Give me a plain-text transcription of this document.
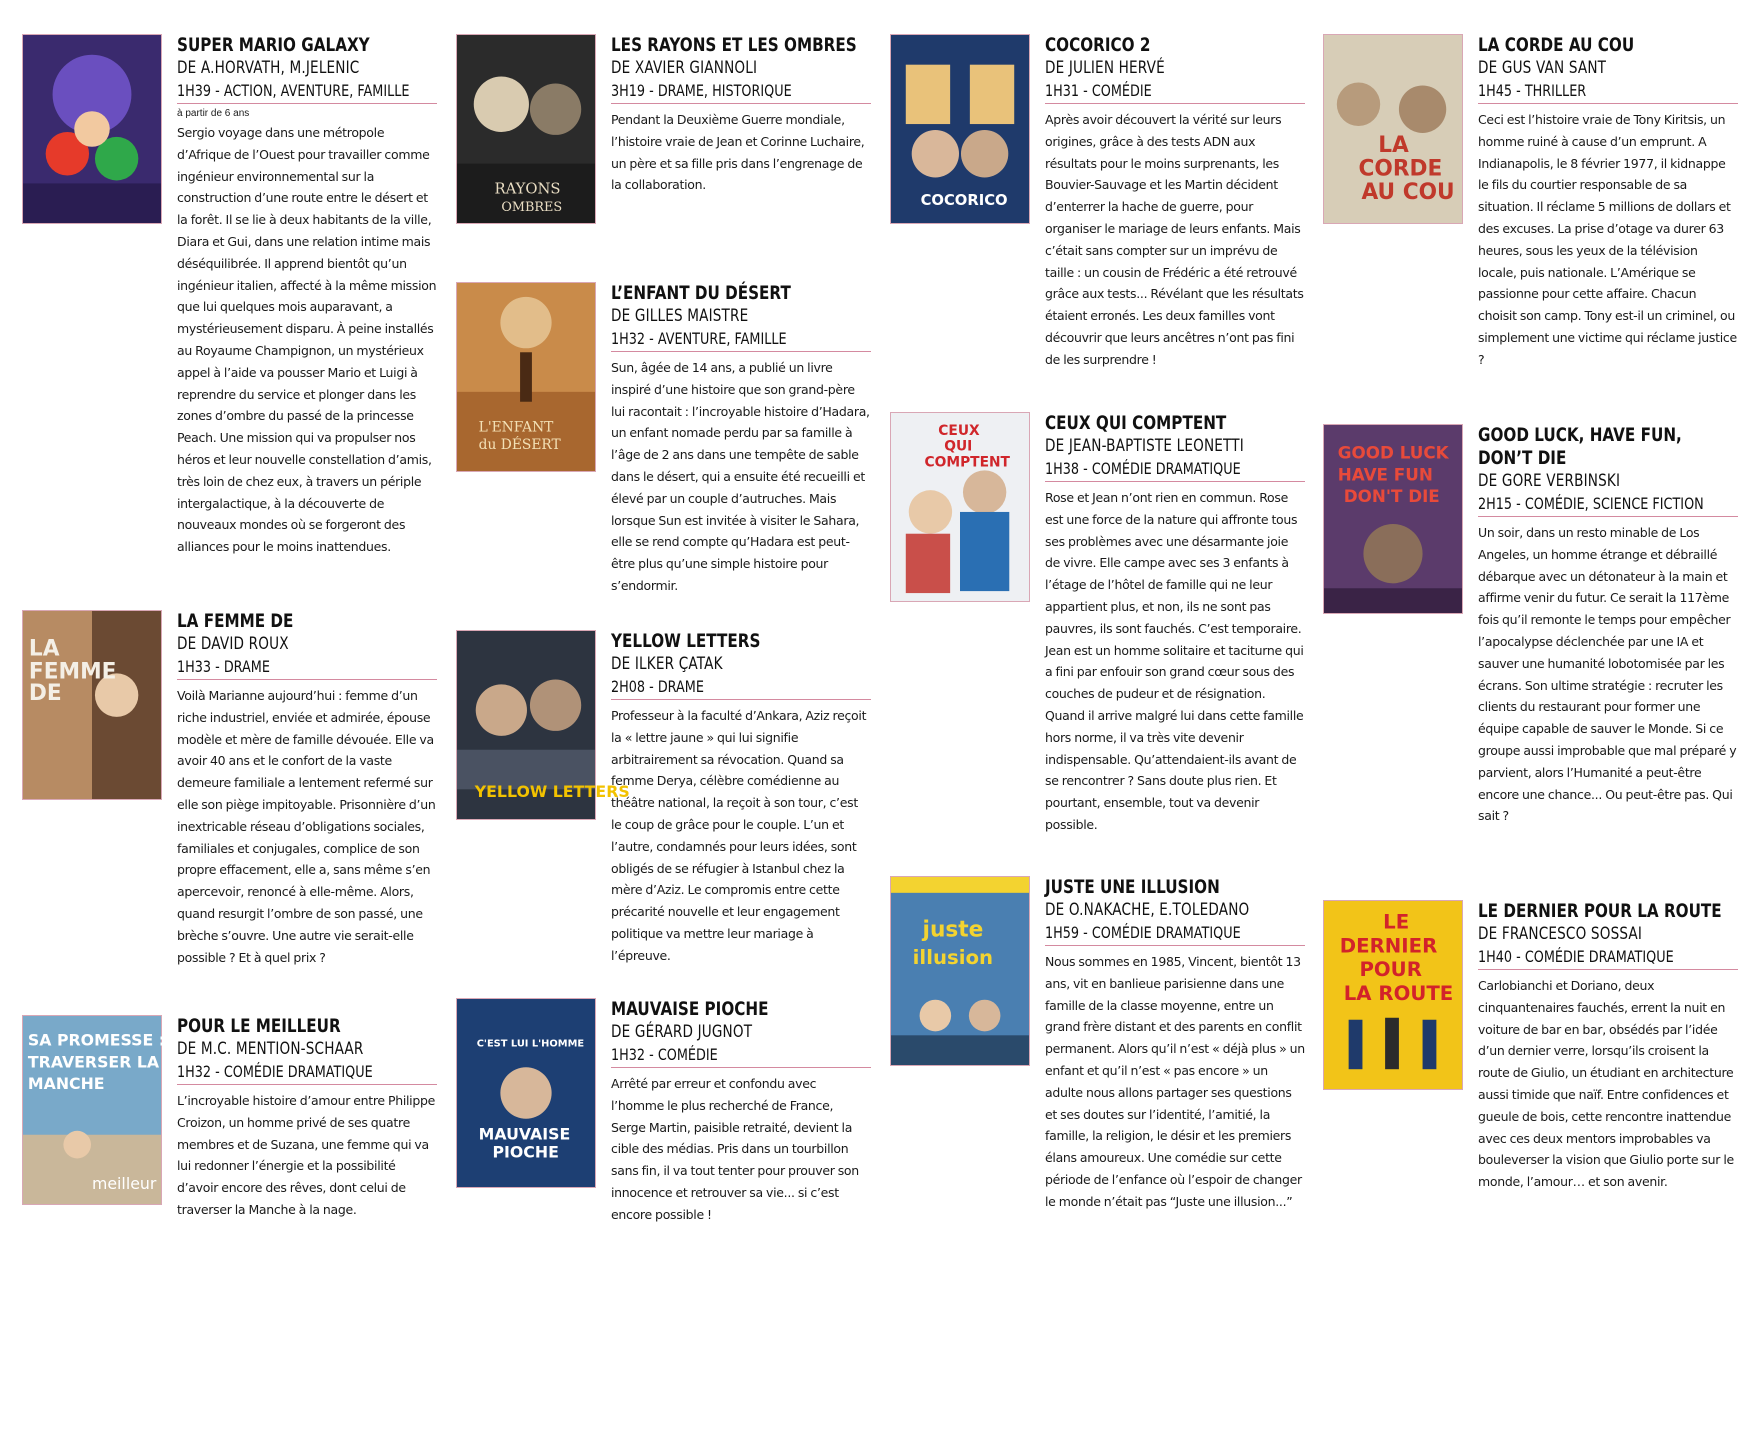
SUPER MARIO GALAXY
DE A.HORVATH, M.JELENIC
1H39 - ACTION, AVENTURE, FAMILLE
à partir de 6 ans

Sergio voyage dans une métropole d’Afrique de l’Ouest pour travailler comme ingénieur environnemental sur la construction d’une route entre le désert et la forêt. Il se lie à deux habitants de la ville, Diara et Gui, dans une relation intime mais déséquilibrée. Il apprend bientôt qu’un ingénieur italien, affecté à la même mission que lui quelques mois auparavant, a mystérieusement disparu. À peine installés au Royaume Champignon, un mystérieux appel à l’aide va pousser Mario et Luigi à reprendre du service et plonger dans les zones d’ombre du passé de la princesse Peach. Une mission qui va propulser nos héros et leur nouvelle constellation d’amis, très loin de chez eux, à travers un périple intergalactique, à la découverte de nouveaux mondes où se forgeront des alliances pour le moins inattendues.

LA
FEMME
DE
LA FEMME DE
DE DAVID ROUX
1H33 - DRAME

Voilà Marianne aujourd’hui : femme d’un riche industriel, enviée et admirée, épouse modèle et mère de famille dévouée. Elle va avoir 40 ans et le confort de la vaste demeure familiale a lentement refermé sur elle son piège impitoyable. Prisonnière d’un inextricable réseau d’obligations sociales, familiales et conjugales, complice de son propre effacement, elle a, sans même s’en apercevoir, renoncé à elle-même. Alors, quand resurgit l’ombre de son passé, une brèche s’ouvre. Une autre vie serait-elle possible ? Et à quel prix ?

SA PROMESSE :
TRAVERSER LA
MANCHE
meilleur
POUR LE MEILLEUR
DE M.C. MENTION-SCHAAR
1H32 - COMÉDIE DRAMATIQUE

L’incroyable histoire d’amour entre Philippe Croizon, un homme privé de ses quatre membres et de Suzana, une femme qui va lui redonner l’énergie et la possibilité d’avoir encore des rêves, dont celui de traverser la Manche à la nage.

RAYONS
OMBRES
LES RAYONS ET LES OMBRES
DE XAVIER GIANNOLI
3H19 - DRAME, HISTORIQUE

Pendant la Deuxième Guerre mondiale, l’histoire vraie de Jean et Corinne Luchaire, un père et sa fille pris dans l’engrenage de la collaboration.

L'ENFANT
du DÉSERT
L’ENFANT DU DÉSERT
DE GILLES MAISTRE
1H32 - AVENTURE, FAMILLE

Sun, âgée de 14 ans, a publié un livre inspiré d’une histoire que son grand-père lui racontait : l’incroyable histoire d’Hadara, un enfant nomade perdu par sa famille à l’âge de 2 ans dans une tempête de sable dans le désert, qui a ensuite été recueilli et élevé par un couple d’autruches. Mais lorsque Sun est invitée à visiter le Sahara, elle se rend compte qu’Hadara est peut-être plus qu’une simple histoire pour s’endormir.

YELLOW LETTERS
YELLOW LETTERS
DE ILKER ÇATAK
2H08 - DRAME

Professeur à la faculté d’Ankara, Aziz reçoit la « lettre jaune » qui lui signifie arbitrairement sa révocation. Quand sa femme Derya, célèbre comédienne au théâtre national, la reçoit à son tour, c’est le coup de grâce pour le couple. L’un et l’autre, condamnés pour leurs idées, sont obligés de se réfugier à Istanbul chez la mère d’Aziz. Le compromis entre cette précarité nouvelle et leur engagement politique va mettre leur mariage à l’épreuve.

C'EST LUI L'HOMME
MAUVAISE
PIOCHE
MAUVAISE PIOCHE
DE GÉRARD JUGNOT
1H32 - COMÉDIE

Arrêté par erreur et confondu avec l’homme le plus recherché de France, Serge Martin, paisible retraité, devient la cible des médias. Pris dans un tourbillon sans fin, il va tout tenter pour prouver son innocence et retrouver sa vie... si c’est encore possible !

COCORICO
COCORICO 2
DE JULIEN HERVÉ
1H31 - COMÉDIE

Après avoir découvert la vérité sur leurs origines, grâce à des tests ADN aux résultats pour le moins surprenants, les Bouvier-Sauvage et les Martin décident d’enterrer la hache de guerre, pour organiser le mariage de leurs enfants. Mais c’était sans compter sur un imprévu de taille : un cousin de Frédéric a été retrouvé grâce aux tests... Révélant que les résultats étaient erronés. Les deux familles vont découvrir que leurs ancêtres n’ont pas fini de les surprendre !

CEUX
QUI
COMPTENT
CEUX QUI COMPTENT
DE JEAN-BAPTISTE LEONETTI
1H38 - COMÉDIE DRAMATIQUE

Rose et Jean n’ont rien en commun. Rose est une force de la nature qui affronte tous ses problèmes avec une désarmante joie de vivre. Elle campe avec ses 3 enfants à l’étage de l’hôtel de famille qui ne leur appartient plus, et non, ils ne sont pas pauvres, ils sont fauchés. C’est temporaire. Jean est un homme solitaire et taciturne qui a fini par enfouir son grand cœur sous des couches de pudeur et de résignation. Quand il arrive malgré lui dans cette famille hors norme, il va très vite devenir indispensable. Qu’attendaient-ils avant de se rencontrer ? Sans doute plus rien. Et pourtant, ensemble, tout va devenir possible.

juste
illusion
JUSTE UNE ILLUSION
DE O.NAKACHE, E.TOLEDANO
1H59 - COMÉDIE DRAMATIQUE

Nous sommes en 1985, Vincent, bientôt 13 ans, vit en banlieue parisienne dans une famille de la classe moyenne, entre un grand frère distant et des parents en conflit permanent. Alors qu’il n’est « déjà plus » un enfant et qu’il n’est « pas encore » un adulte nous allons partager ses questions et ses doutes sur l’identité, l’amitié, la famille, la religion, le désir et les premiers élans amoureux. Une comédie sur cette période de l’enfance où l’espoir de changer le monde n’était pas “Juste une illusion...”

LA
CORDE
AU COU
LA CORDE AU COU
DE GUS VAN SANT
1H45 - THRILLER

Ceci est l’histoire vraie de Tony Kiritsis, un homme ruiné à cause d’un emprunt. A Indianapolis, le 8 février 1977, il kidnappe le fils du courtier responsable de sa situation. Il réclame 5 millions de dollars et des excuses. La prise d’otage va durer 63 heures, sous les yeux de la télévision locale, puis nationale. L’Amérique se passionne pour cette affaire. Chacun choisit son camp. Tony est-il un criminel, ou simplement une victime qui réclame justice ?

GOOD LUCK
HAVE FUN
DON'T DIE
GOOD LUCK, HAVE FUN, DON’T DIE
DE GORE VERBINSKI
2H15 - COMÉDIE, SCIENCE FICTION

Un soir, dans un resto minable de Los Angeles, un homme étrange et débraillé débarque avec un détonateur à la main et affirme venir du futur. Ce serait la 117ème fois qu’il remonte le temps pour empêcher l’apocalypse déclenchée par une IA et sauver une humanité lobotomisée par les écrans. Son ultime stratégie : recruter les clients du restaurant pour former une équipe capable de sauver le Monde. Si ce groupe aussi improbable que mal préparé y parvient, alors l’Humanité a peut-être encore une chance... Ou peut-être pas. Qui sait ?

LE
DERNIER
POUR
LA ROUTE
LE DERNIER POUR LA ROUTE
DE FRANCESCO SOSSAI
1H40 - COMÉDIE DRAMATIQUE

Carlobianchi et Doriano, deux cinquantenaires fauchés, errent la nuit en voiture de bar en bar, obsédés par l’idée d’un dernier verre, lorsqu’ils croisent la route de Giulio, un étudiant en architecture aussi timide que naïf. Entre confidences et gueule de bois, cette rencontre inattendue avec ces deux mentors improbables va bouleverser la vision que Giulio porte sur le monde, l’amour… et son avenir.
